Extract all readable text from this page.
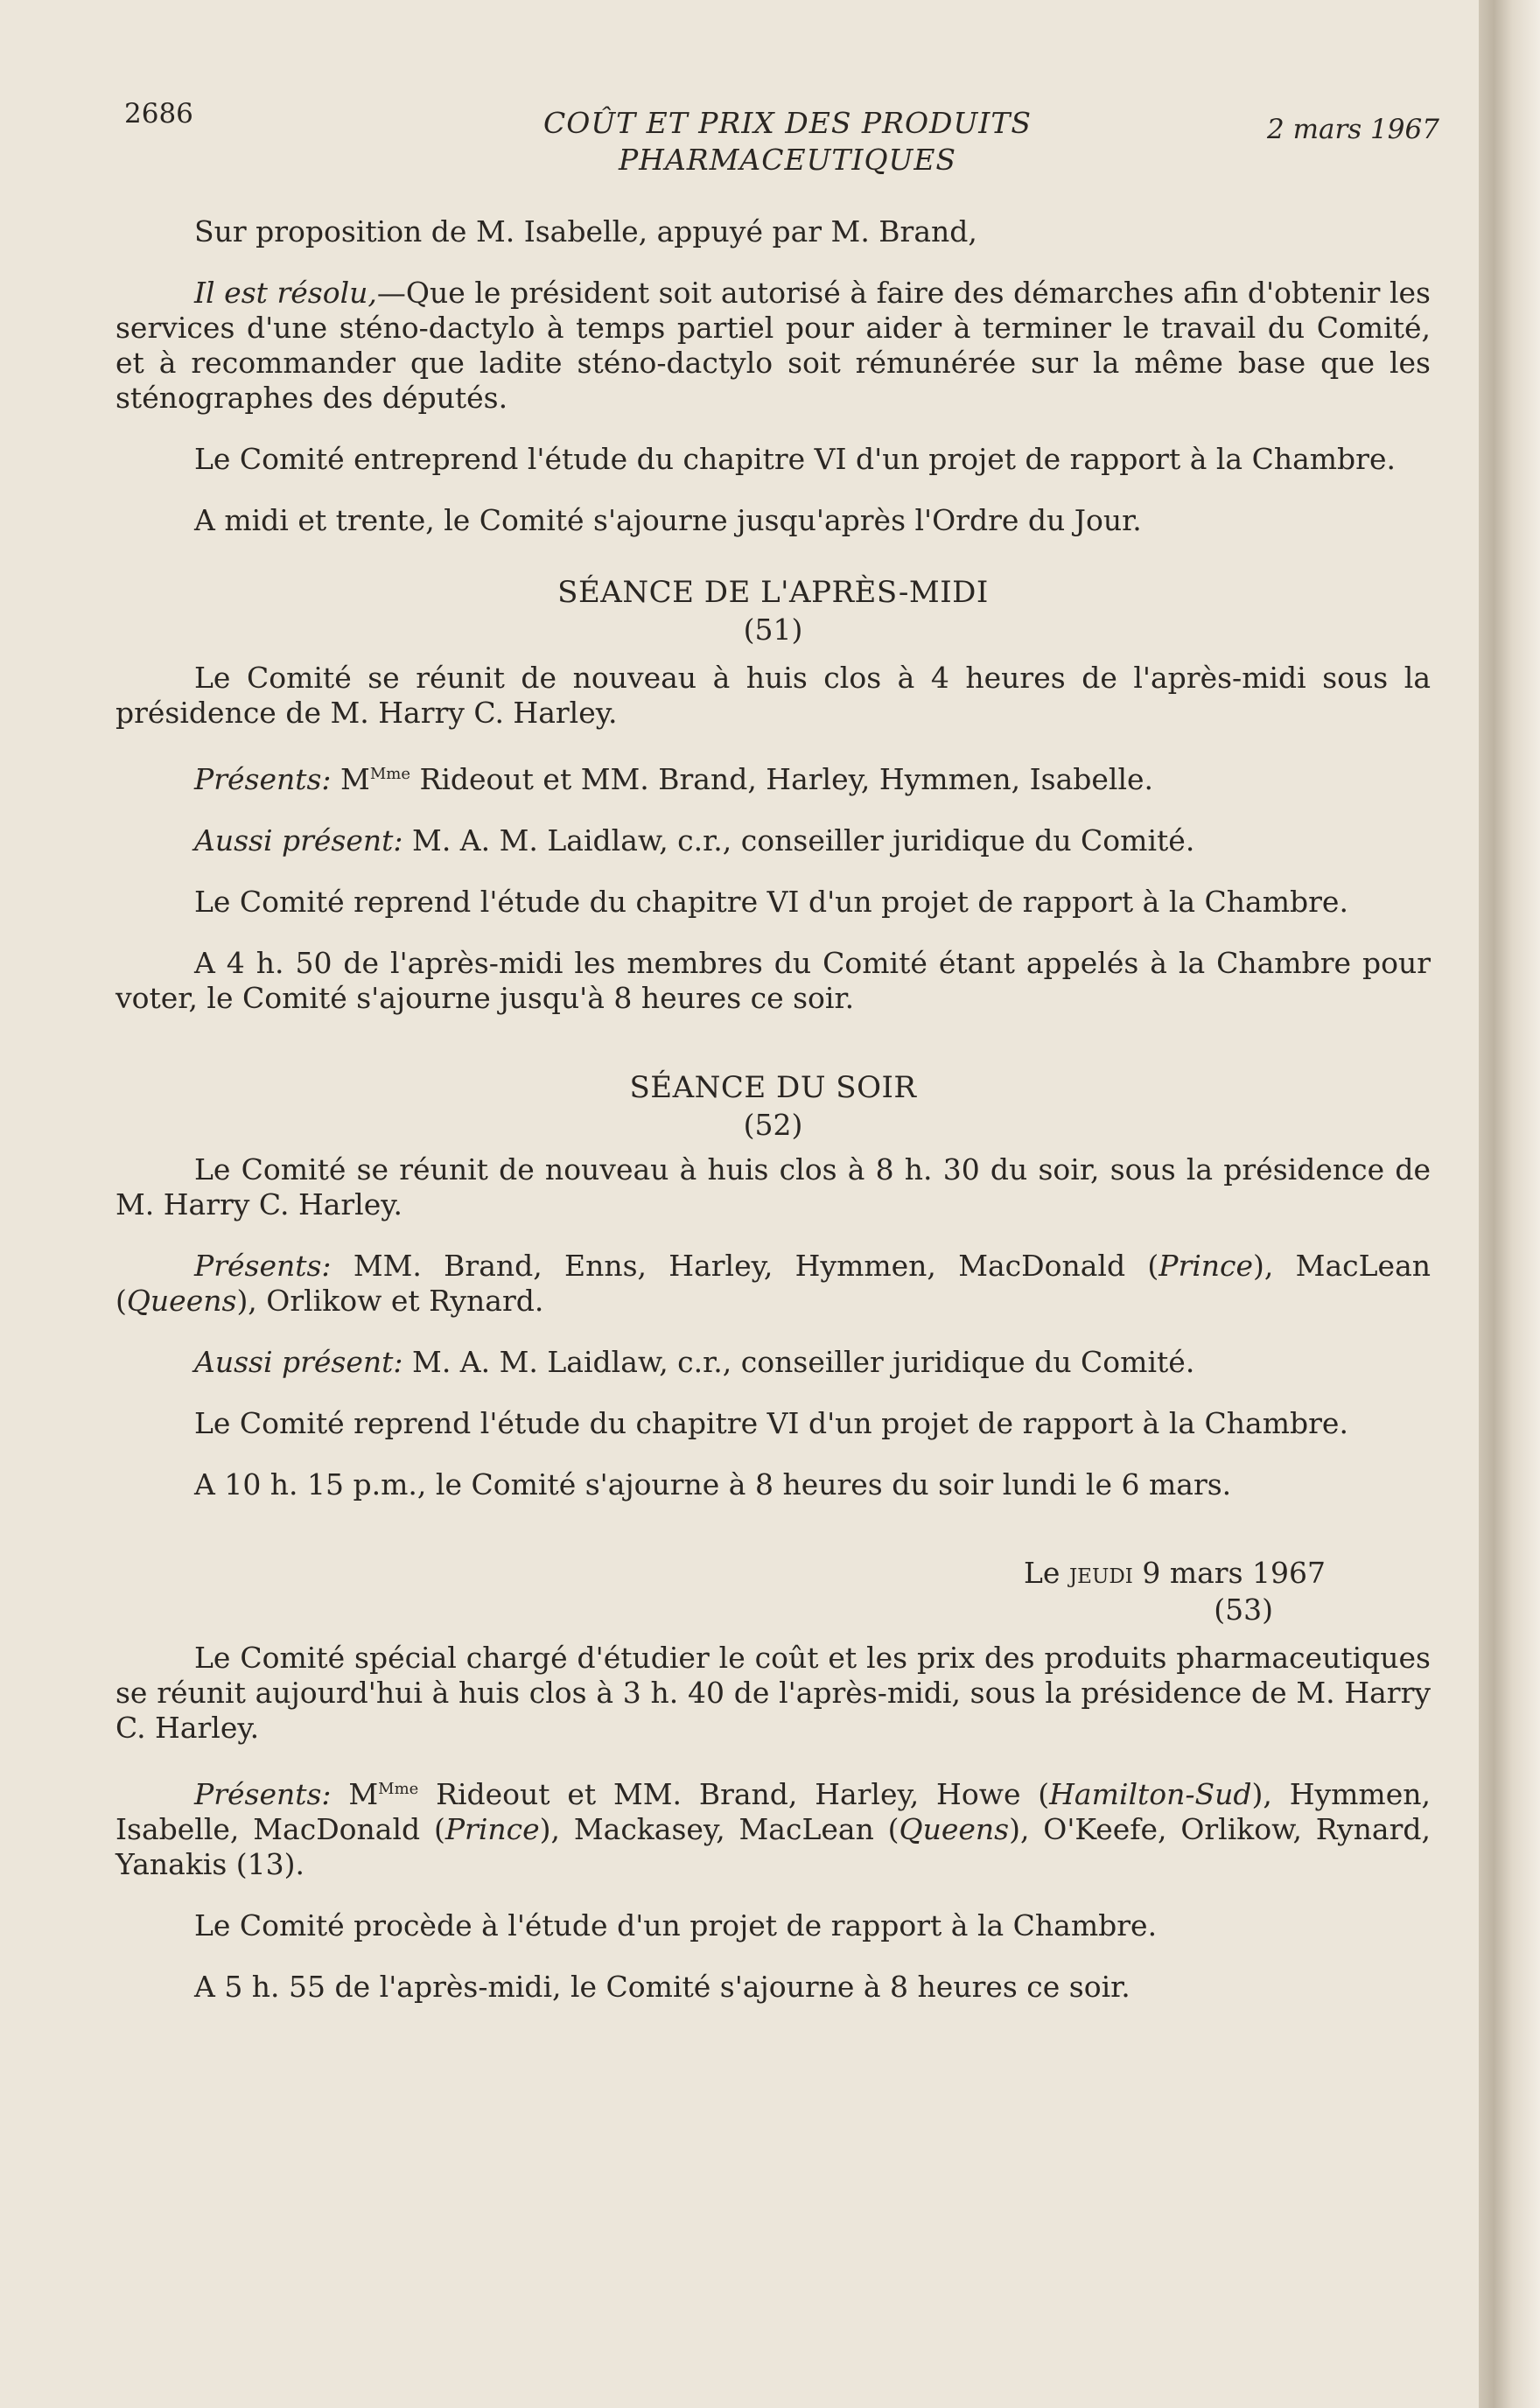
2686	COÛT ET PRIX DES PRODUITS
PHARMACEUTIQUES
2 mars 1967

Sur proposition de M. Isabelle, appuyé par M. Brand,

Il est résolu,—Que le président soit autorisé à faire des démarches afin d'obtenir les services d'une sténo-dactylo à temps partiel pour aider à terminer le travail du Comité, et à recommander que ladite sténo-dactylo soit rémunérée sur la même base que les sténographes des députés.

Le Comité entreprend l'étude du chapitre VI d'un projet de rapport à la Chambre.

A midi et trente, le Comité s'ajourne jusqu'après l'Ordre du Jour.

SÉANCE DE L'APRÈS-MIDI
(51)

Le Comité se réunit de nouveau à huis clos à 4 heures de l'après-midi sous la présidence de M. Harry C. Harley.

Présents: $M^{Mme}$ Rideout et MM. Brand, Harley, Hymmen, Isabelle.

Aussi présent: M. A. M. Laidlaw, c.r., conseiller juridique du Comité.

Le Comité reprend l'étude du chapitre VI d'un projet de rapport à la Chambre.

A 4 h. 50 de l'après-midi les membres du Comité étant appelés à la Chambre pour voter, le Comité s'ajourne jusqu'à 8 heures ce soir.

SÉANCE DU SOIR
(52)

Le Comité se réunit de nouveau à huis clos à 8 h. 30 du soir, sous la présidence de M. Harry C. Harley.

Présents: MM. Brand, Enns, Harley, Hymmen, MacDonald (Prince), MacLean (Queens), Orlikow et Rynard.

Aussi présent: M. A. M. Laidlaw, c.r., conseiller juridique du Comité.

Le Comité reprend l'étude du chapitre VI d'un projet de rapport à la Chambre.

A 10 h. 15 p.m., le Comité s'ajourne à 8 heures du soir lundi le 6 mars.

Le jeudi 9 mars 1967
(53)

Le Comité spécial chargé d'étudier le coût et les prix des produits pharmaceutiques se réunit aujourd'hui à huis clos à 3 h. 40 de l'après-midi, sous la présidence de M. Harry C. Harley.

Présents: $M^{Mme}$ Rideout et MM. Brand, Harley, Howe (Hamilton-Sud), Hymmen, Isabelle, MacDonald (Prince), Mackasey, MacLean (Queens), O'Keefe, Orlikow, Rynard, Yanakis (13).

Le Comité procède à l'étude d'un projet de rapport à la Chambre.

A 5 h. 55 de l'après-midi, le Comité s'ajourne à 8 heures ce soir.
